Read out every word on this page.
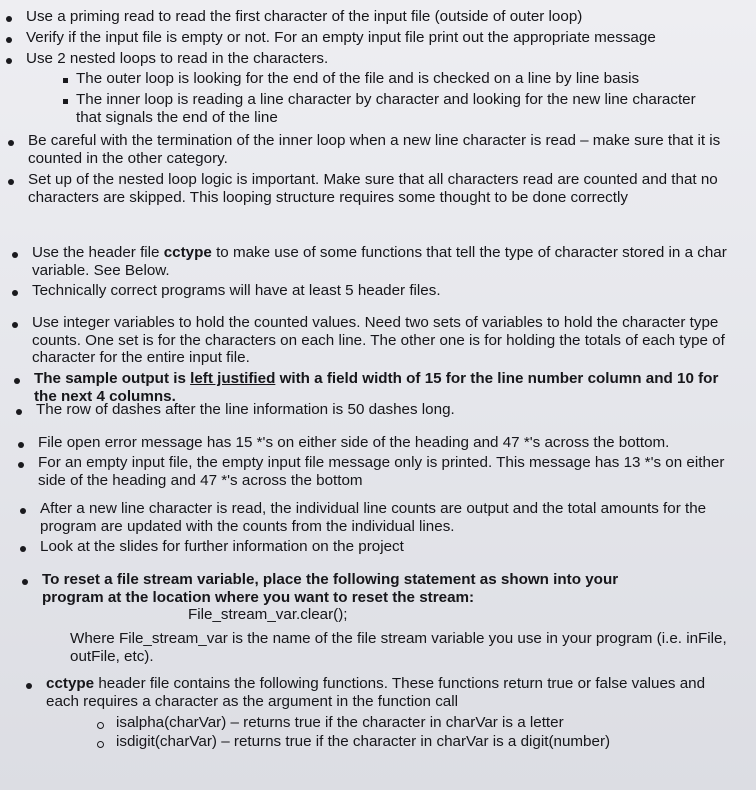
Use a priming read to read the first character of the input file (outside of outer loop)
Verify if the input file is empty or not. For an empty input file print out the appropriate message
Use 2 nested loops to read in the characters.
The outer loop is looking for the end of the file and is checked on a line by line basis
The inner loop is reading a line character by character and looking for the new line character that signals the end of the line
Be careful with the termination of the inner loop when a new line character is read – make sure that it is counted in the other category.
Set up of the nested loop logic is important. Make sure that all characters read are counted and that no characters are skipped. This looping structure requires some thought to be done correctly
Use the header file cctype to make use of some functions that tell the type of character stored in a char variable. See Below.
Technically correct programs will have at least 5 header files.
Use integer variables to hold the counted values. Need two sets of variables to hold the character type counts. One set is for the characters on each line. The other one is for holding the totals of each type of character for the entire input file.
The sample output is left justified with a field width of 15 for the line number column and 10 for the next 4 columns.
The row of dashes after the line information is 50 dashes long.
File open error message has 15 *'s on either side of the heading and 47 *'s across the bottom.
For an empty input file, the empty input file message only is printed. This message has 13 *'s on either side of the heading and 47 *'s across the bottom
After a new line character is read, the individual line counts are output and the total amounts for the program are updated with the counts from the individual lines.
Look at the slides for further information on the project
To reset a file stream variable, place the following statement as shown into your program at the location where you want to reset the stream:
File_stream_var.clear();
Where File_stream_var is the name of the file stream variable you use in your program (i.e. inFile, outFile, etc).
cctype header file contains the following functions. These functions return true or false values and each requires a character as the argument in the function call
isalpha(charVar) – returns true if the character in charVar is a letter
isdigit(charVar) – returns true if the character in charVar is a digit(number)
